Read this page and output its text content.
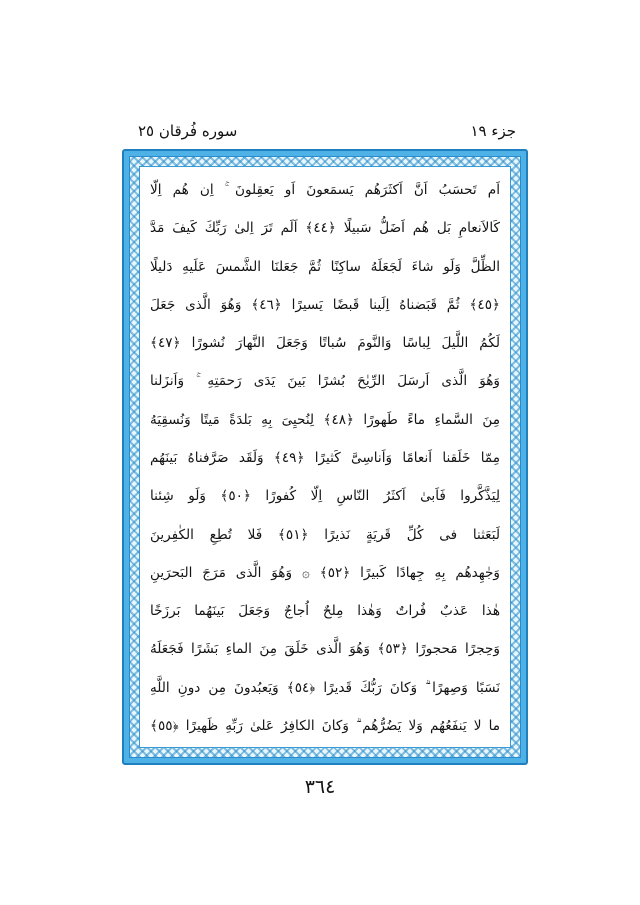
جزء ١٩
سوره فُرقان ٢٥
اَم تَحسَبُ اَنَّ اَكثَرَهُم يَسمَعونَ اَو يَعقِلونَ ۚ اِن هُم اِلّا
كَالاَنعامِ بَل هُم اَضَلُّ سَبيلًا ﴿٤٤﴾ اَلَم تَرَ اِلىٰ رَبِّكَ كَيفَ مَدَّ
الظِّلَّ وَلَو شاءَ لَجَعَلَهُ ساكِنًا ثُمَّ جَعَلنَا الشَّمسَ عَلَيهِ دَليلًا
﴿٤٥﴾ ثُمَّ قَبَضناهُ اِلَينا قَبضًا يَسيرًا ﴿٤٦﴾ وَهُوَ الَّذى جَعَلَ
لَكُمُ اللَّيلَ لِباسًا وَالنَّومَ سُباتًا وَجَعَلَ النَّهارَ نُشورًا ﴿٤٧﴾
وَهُوَ الَّذى اَرسَلَ الرِّيٰحَ بُشرًا بَينَ يَدَى رَحمَتِهِ ۚ وَاَنزَلنا
مِنَ السَّماءِ ماءً طَهورًا ﴿٤٨﴾ لِنُحيِىَ بِهِ بَلدَةً مَيتًا وَنُسقِيَهُ
مِمّا خَلَقنا اَنعامًا وَاَناسِىَّ كَثيرًا ﴿٤٩﴾ وَلَقَد صَرَّفناهُ بَينَهُم
لِيَذَّكَّروا فَاَبىٰ اَكثَرُ النّاسِ اِلّا كُفورًا ﴿٥٠﴾ وَلَو شِئنا
لَبَعَثنا فى كُلِّ قَريَةٍ نَذيرًا ﴿٥١﴾ فَلا تُطِعِ الكٰفِرينَ
وَجٰهِدهُم بِهِ جِهادًا كَبيرًا ﴿٥٢﴾ ۞ وَهُوَ الَّذى مَرَجَ البَحرَينِ
هٰذا عَذبٌ فُراتٌ وَهٰذا مِلحٌ اُجاجٌ وَجَعَلَ بَينَهُما بَرزَخًا
وَحِجرًا مَحجورًا ﴿٥٣﴾ وَهُوَ الَّذى خَلَقَ مِنَ الماءِ بَشَرًا فَجَعَلَهُ
نَسَبًا وَصِهرًا ۗ وَكانَ رَبُّكَ قَديرًا ﴿٥٤﴾ وَيَعبُدونَ مِن دونِ اللَّهِ
ما لا يَنفَعُهُم وَلا يَضُرُّهُم ۗ وَكانَ الكافِرُ عَلىٰ رَبِّهِ ظَهيرًا ﴿٥٥﴾
٣٦٤
